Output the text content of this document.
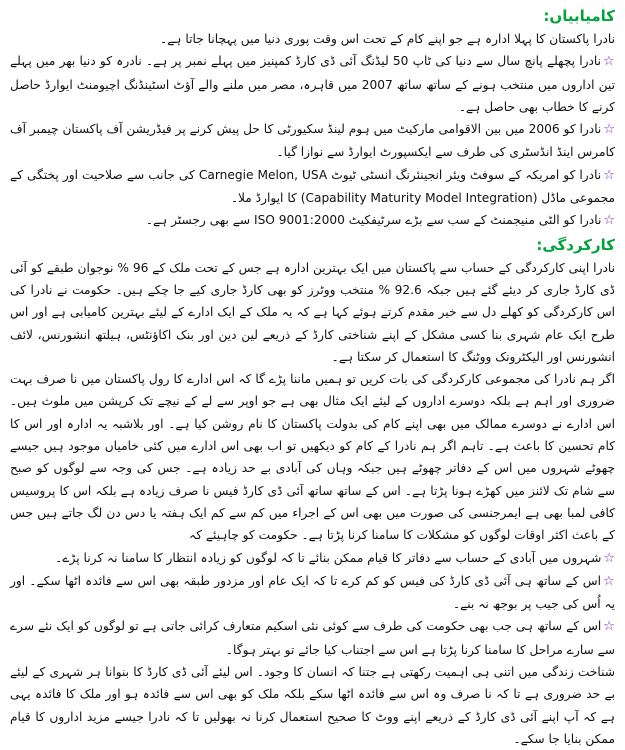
کامیابیاں:

نادرا پاکستان کا پہلا ادارہ ہے جو اپنے کام کے تحت اس وقت پوری دنیا میں پہچانا جاتا ہے۔

☆نادرا پچھلے پانچ سال سے دنیا کی ٹاپ 50 لیڈنگ آئی ڈی کارڈ کمپنیز میں پہلے نمبر پر ہے۔ نادرہ کو دنیا بھر میں پہلے تین اداروں میں منتخب ہونے کے ساتھ ساتھ 2007 میں قاہرہ، مصر میں ملنے والے آؤٹ اسٹینڈنگ اچیومنٹ ایوارڈ حاصل کرنے کا خطاب بھی حاصل ہے۔

☆نادرا کو 2006 میں بین الاقوامی مارکیٹ میں ہوم لینڈ سکیورٹی کا حل پیش کرنے پر فیڈریشن آف پاکستان چیمبر آف کامرس اینڈ انڈسٹری کی طرف سے ایکسپورٹ ایوارڈ سے نوازا گیا۔

☆نادرا کو امریکہ کے سوفٹ ویئر انجینئرنگ انسٹی ٹیوٹ Carnegie Melon, USA کی جانب سے صلاحیت اور پختگی کے مجموعی ماڈل (Capability Maturity Model Integration) کا ایوارڈ ملا۔

☆نادرا کو الٹی منیجمنٹ کے سب سے بڑے سرٹیفکیٹ ISO 9001:2000 سے بھی رجسٹر ہے۔

کارکردگی:

نادرا اپنی کارکردگی کے حساب سے پاکستان میں ایک بہترین ادارہ ہے جس کے تحت ملک کے 96 % نوجوان طبقے کو آئی ڈی کارڈ جاری کر دیئے گئے ہیں جبکہ 92.6 % منتخب ووٹرز کو بھی کارڈ جاری کیے جا چکے ہیں۔ حکومت نے نادرا کی اس کارکردگی کو کھلے دل سے خیر مقدم کرتے ہوئے کہا ہے کہ یہ ملک کے ایک ادارے کے لیئے بہترین کامیابی ہے اور اس طرح ایک عام شہری بنا کسی مشکل کے اپنے شناختی کارڈ کے ذریعے لین دین اور بنک اکاؤنٹس، ہیلتھ انشورنس، لائف انشورنس اور الیکٹرونک ووٹنگ کا استعمال کر سکتا ہے۔

اگر ہم نادرا کی مجموعی کارکردگی کی بات کریں تو ہمیں ماننا پڑے گا کہ اس ادارے کا رول پاکستان میں نا صرف بہت ضروری اور اہم ہے بلکہ دوسرے اداروں کے لیئے ایک مثال بھی ہے جو اوپر سے لے کے نیچے تک کرپشن میں ملوث ہیں۔ اس ادارے نے دوسرے ممالک میں بھی اپنے کام کی بدولت پاکستان کا نام روشن کیا ہے۔ اور بلاشبہ یہ ادارہ اور اس کا کام تحسین کا باعث ہے۔ تاہم اگر ہم نادرا کے کام کو دیکھیں تو اب بھی اس ادارے میں کئی خامیاں موجود ہیں جیسے چھوٹے شہروں میں اس کے دفاتر چھوٹے ہیں جبکہ وہاں کی آبادی بے حد زیادہ ہے۔ جس کی وجہ سے لوگوں کو صبح سے شام تک لائنز میں کھڑے ہونا پڑتا ہے۔ اس کے ساتھ ساتھ آئی ڈی کارڈ فیس نا صرف زیادہ ہے بلکہ اس کا پروسیس کافی لمبا بھی ہے ایمرجنسی کی صورت میں بھی اس کے اجراء میں کم سے کم ایک ہفتہ یا دس دن لگ جاتے ہیں جس کے باعث اکثر اوقات لوگوں کو مشکلات کا سامنا کرنا پڑتا ہے۔ حکومت کو چاہیئے کہ

☆شہروں میں آبادی کے حساب سے دفاتر کا قیام ممکن بنائے تا کہ لوگوں کو زیادہ انتظار کا سامنا نہ کرنا پڑے۔

☆اس کے ساتھ ہی آئی ڈی کارڈ کی فیس کو کم کرے تا کہ ایک عام اور مزدور طبقہ بھی اس سے فائدہ اٹھا سکے۔ اور یہ اُس کی جیب پر بوجھ نہ بنے۔

☆اس کے ساتھ ہی جب بھی حکومت کی طرف سے کوئی نئی اسکیم متعارف کرائی جاتی ہے تو لوگوں کو ایک نئے سرے سے سارے مراحل کا سامنا کرنا پڑتا ہے اس سے اجتناب کیا جائے تو بہتر ہوگا۔

شناخت زندگی میں اتنی ہی اہمیت رکھتی ہے جتنا کہ انسان کا وجود۔ اس لیئے آئی ڈی کارڈ کا بنوانا ہر شہری کے لیئے بے حد ضروری ہے تا کہ نا صرف وہ اس سے فائدہ اٹھا سکے بلکہ ملک کو بھی اس سے فائدہ ہو اور ملک کا فائدہ یہی ہے کہ آپ اپنے آئی ڈی کارڈ کے ذریعے اپنے ووٹ کا صحیح استعمال کرنا نہ بھولیں تا کہ نادرا جیسے مزید اداروں کا قیام ممکن بنایا جا سکے۔
